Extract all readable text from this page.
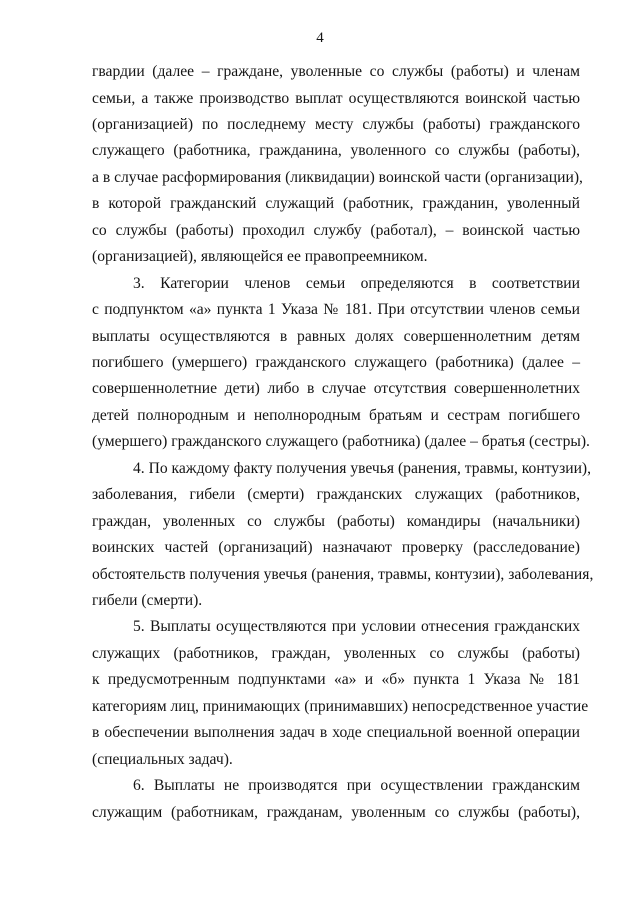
4
гвардии (далее – граждане, уволенные со службы (работы) и членам
семьи, а также производство выплат осуществляются воинской частью
(организацией) по последнему месту службы (работы) гражданского
служащего (работника, гражданина, уволенного со службы (работы),
а в случае расформирования (ликвидации) воинской части (организации),
в которой гражданский служащий (работник, гражданин, уволенный
со службы (работы) проходил службу (работал), – воинской частью
(организацией), являющейся ее правопреемником.
3. Категории членов семьи определяются в соответствии
с подпунктом «а» пункта 1 Указа № 181. При отсутствии членов семьи
выплаты осуществляются в равных долях совершеннолетним детям
погибшего (умершего) гражданского служащего (работника) (далее –
совершеннолетние дети) либо в случае отсутствия совершеннолетних
детей полнородным и неполнородным братьям и сестрам погибшего
(умершего) гражданского служащего (работника) (далее – братья (сестры).
4. По каждому факту получения увечья (ранения, травмы, контузии),
заболевания, гибели (смерти) гражданских служащих (работников,
граждан, уволенных со службы (работы) командиры (начальники)
воинских частей (организаций) назначают проверку (расследование)
обстоятельств получения увечья (ранения, травмы, контузии), заболевания,
гибели (смерти).
5. Выплаты осуществляются при условии отнесения гражданских
служащих (работников, граждан, уволенных со службы (работы)
к предусмотренным подпунктами «а» и «б» пункта 1 Указа № 181
категориям лиц, принимающих (принимавших) непосредственное участие
в обеспечении выполнения задач в ходе специальной военной операции
(специальных задач).
6. Выплаты не производятся при осуществлении гражданским
служащим (работникам, гражданам, уволенным со службы (работы),
